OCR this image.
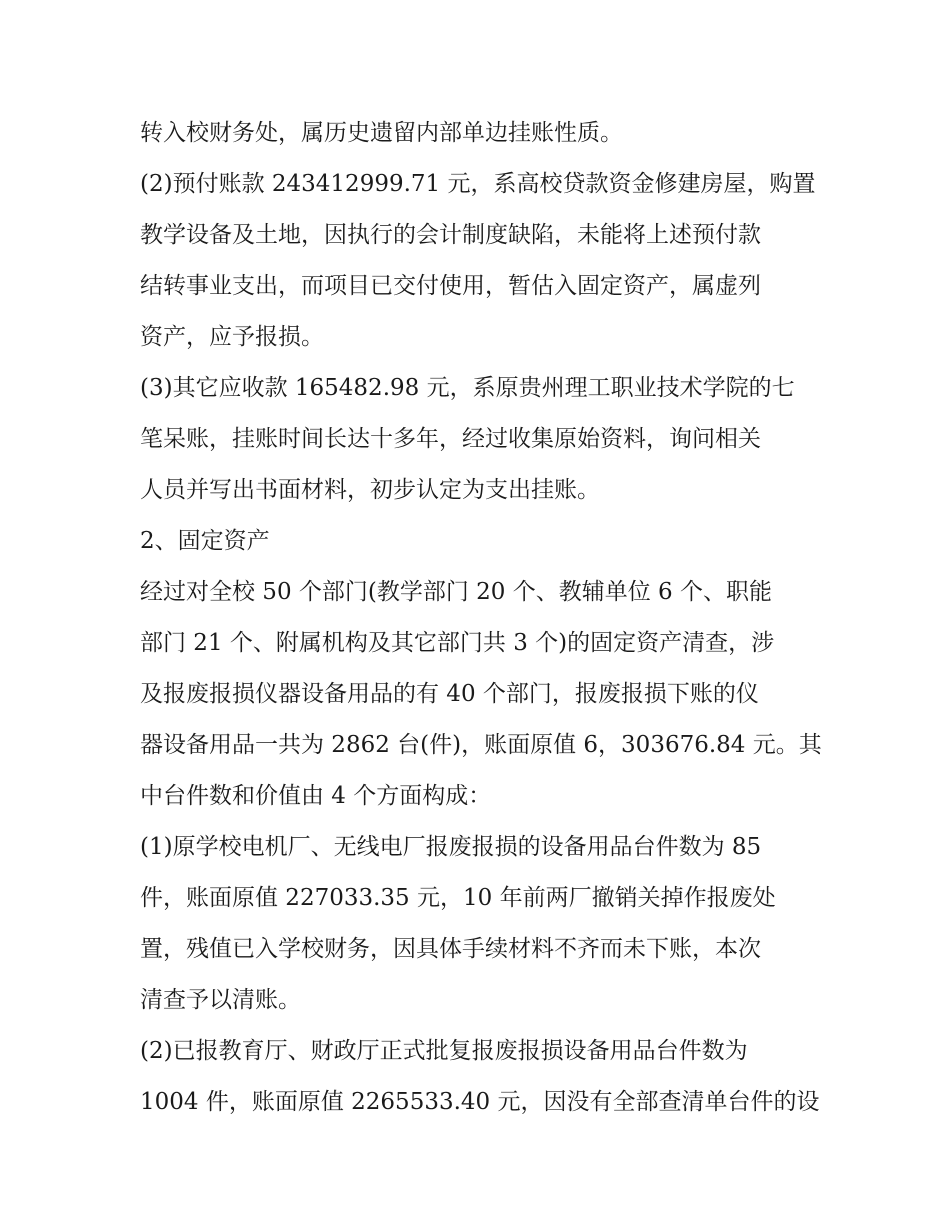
转入校财务处，属历史遗留内部单边挂账性质。

(2)预付账款 243412999.71 元，系高校贷款资金修建房屋，购置

教学设备及土地，因执行的会计制度缺陷，未能将上述预付款

结转事业支出，而项目已交付使用，暂估入固定资产，属虚列

资产，应予报损。

(3)其它应收款 165482.98 元，系原贵州理工职业技术学院的七

笔呆账，挂账时间长达十多年，经过收集原始资料，询问相关

人员并写出书面材料，初步认定为支出挂账。

2、固定资产

经过对全校 50 个部门(教学部门 20 个、教辅单位 6 个、职能

部门 21 个、附属机构及其它部门共 3 个)的固定资产清查，涉

及报废报损仪器设备用品的有 40 个部门，报废报损下账的仪

器设备用品一共为 2862 台(件)，账面原值 6，303676.84 元。其

中台件数和价值由 4 个方面构成：

(1)原学校电机厂、无线电厂报废报损的设备用品台件数为 85

件，账面原值 227033.35 元，10 年前两厂撤销关掉作报废处

置，残值已入学校财务，因具体手续材料不齐而未下账，本次

清查予以清账。

(2)已报教育厅、财政厅正式批复报废报损设备用品台件数为

1004 件，账面原值 2265533.40 元，因没有全部查清单台件的设
